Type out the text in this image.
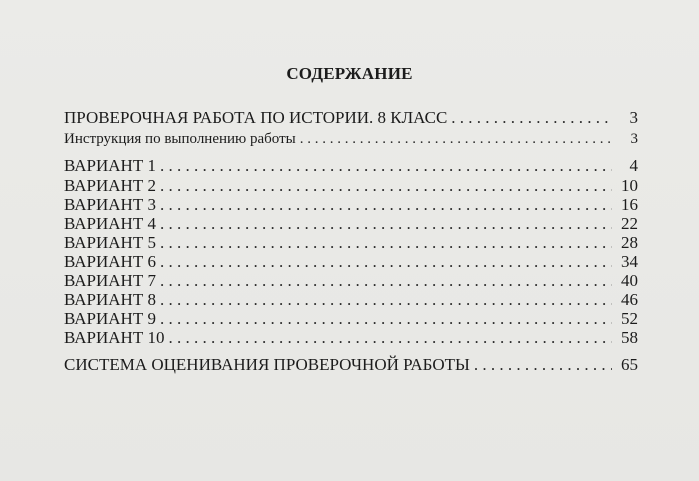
СОДЕРЖАНИЕ
ПРОВЕРОЧНАЯ РАБОТА ПО ИСТОРИИ. 8 КЛАСС . . .	3
Инструкция по выполнению работы . . .	3
ВАРИАНТ 1 . . .	4
ВАРИАНТ 2 . . .	10
ВАРИАНТ 3 . . .	16
ВАРИАНТ 4 . . .	22
ВАРИАНТ 5 . . .	28
ВАРИАНТ 6 . . .	34
ВАРИАНТ 7 . . .	40
ВАРИАНТ 8 . . .	46
ВАРИАНТ 9 . . .	52
ВАРИАНТ 10 . . .	58
СИСТЕМА ОЦЕНИВАНИЯ ПРОВЕРОЧНОЙ РАБОТЫ . . .	65
